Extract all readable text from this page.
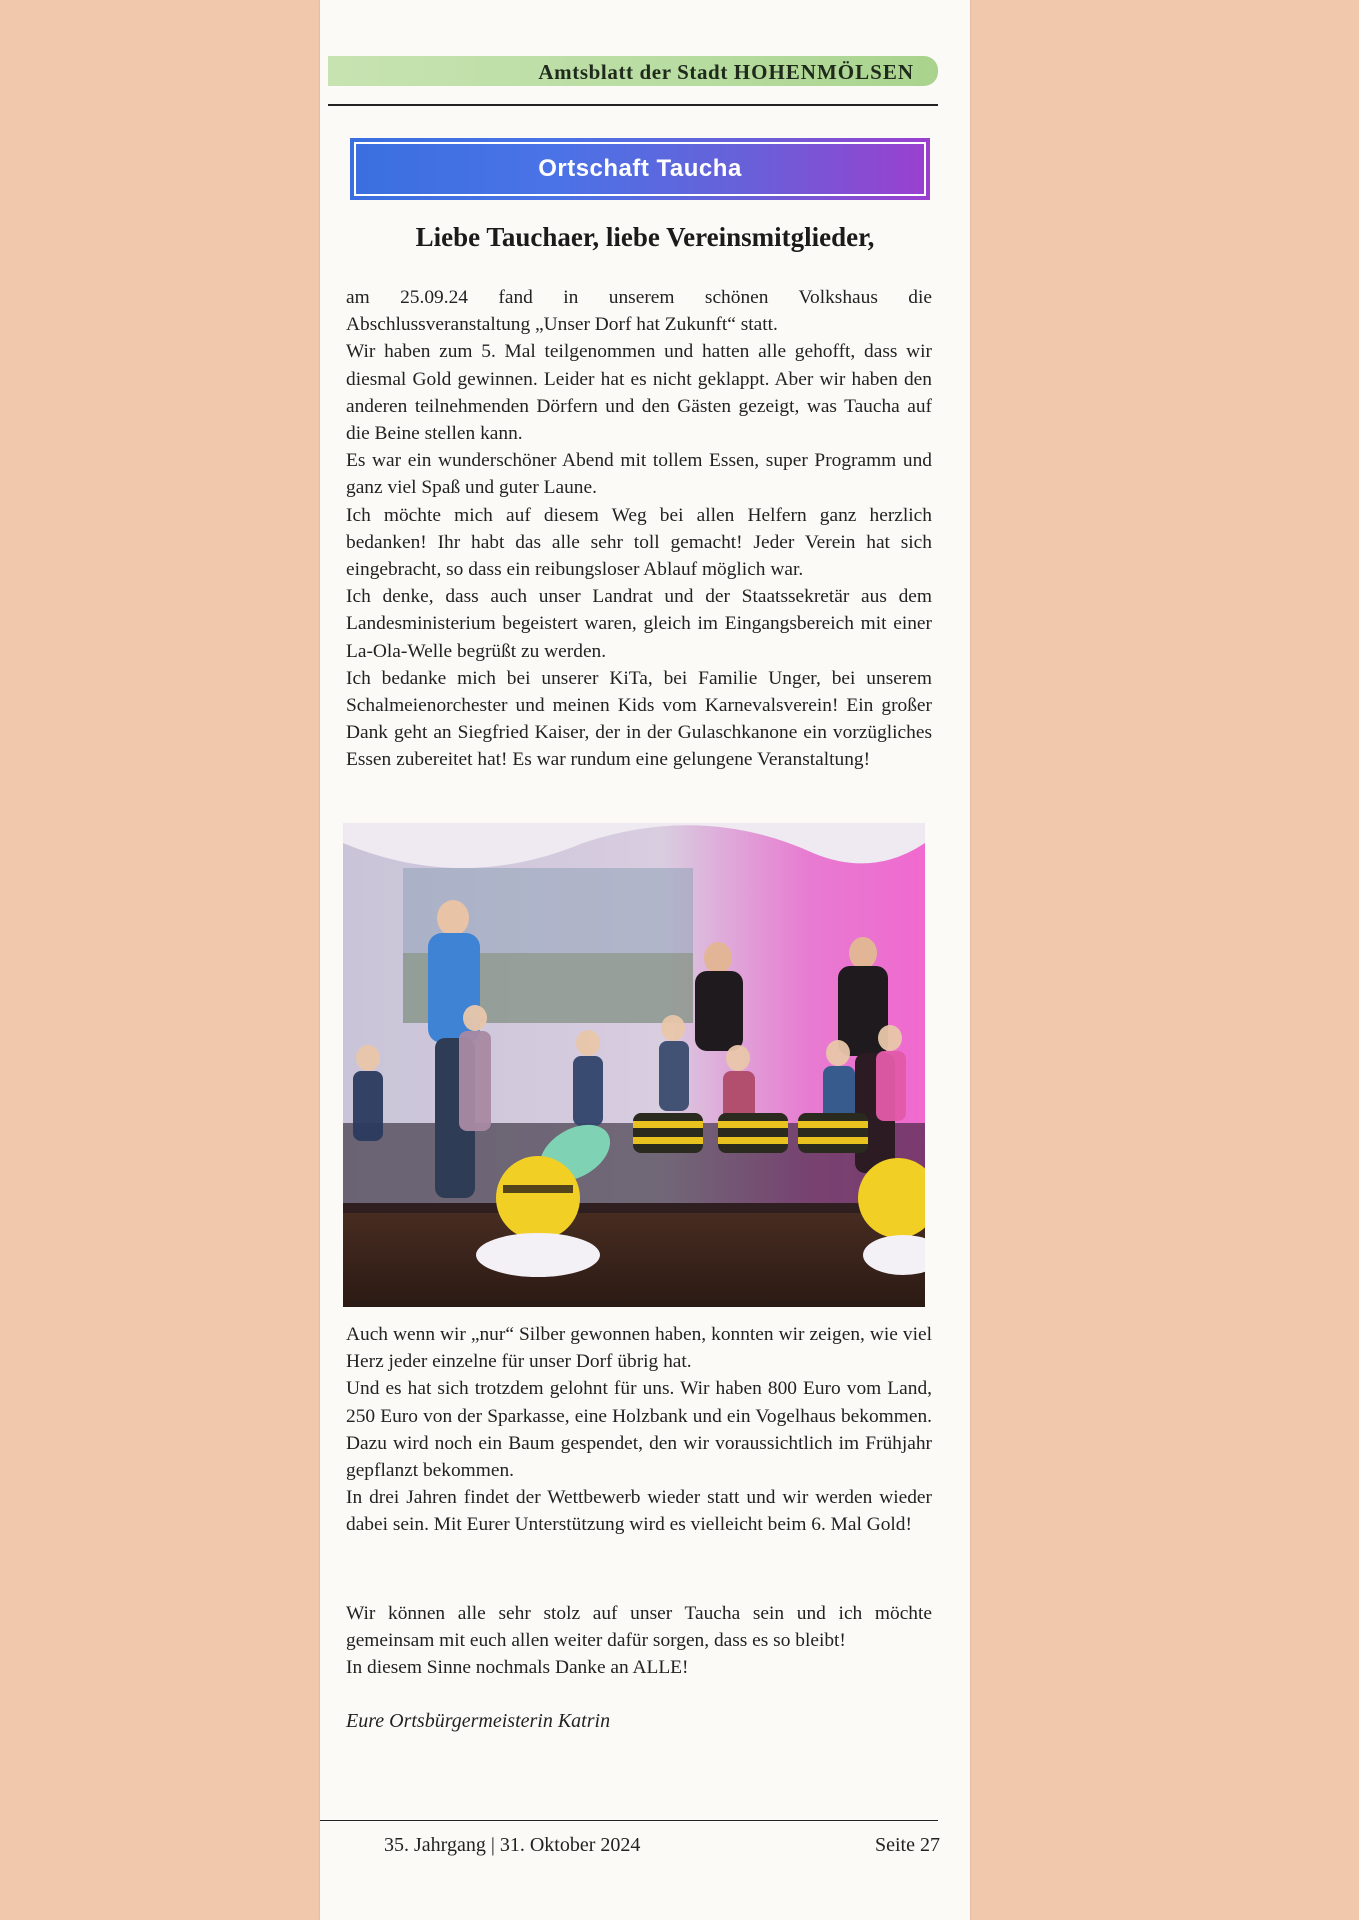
Amtsblatt der Stadt HOHENMÖLSEN
Ortschaft Taucha
Liebe Tauchaer, liebe Vereinsmitglieder,

am 25.09.24 fand in unserem schönen Volkshaus die Abschlussveranstaltung „Unser Dorf hat Zukunft“ statt.

Wir haben zum 5. Mal teilgenommen und hatten alle gehofft, dass wir diesmal Gold gewinnen. Leider hat es nicht geklappt. Aber wir haben den anderen teilnehmenden Dörfern und den Gästen gezeigt, was Taucha auf die Beine stellen kann.

Es war ein wunderschöner Abend mit tollem Essen, super Programm und ganz viel Spaß und guter Laune.

Ich möchte mich auf diesem Weg bei allen Helfern ganz herzlich bedanken! Ihr habt das alle sehr toll gemacht! Jeder Verein hat sich eingebracht, so dass ein reibungsloser Ablauf möglich war.

Ich denke, dass auch unser Landrat und der Staatssekretär aus dem Landesministerium begeistert waren, gleich im Eingangsbereich mit einer La-Ola-Welle begrüßt zu werden.

Ich bedanke mich bei unserer KiTa, bei Familie Unger, bei unserem Schalmeienorchester und meinen Kids vom Karnevalsverein! Ein großer Dank geht an Siegfried Kaiser, der in der Gulaschkanone ein vorzügliches Essen zubereitet hat! Es war rundum eine gelungene Veranstaltung!

Auch wenn wir „nur“ Silber gewonnen haben, konnten wir zeigen, wie viel Herz jeder einzelne für unser Dorf übrig hat.

Und es hat sich trotzdem gelohnt für uns. Wir haben 800 Euro vom Land, 250 Euro von der Sparkasse, eine Holzbank und ein Vogelhaus bekommen. Dazu wird noch ein Baum gespendet, den wir voraussichtlich im Frühjahr gepflanzt bekommen.

In drei Jahren findet der Wettbewerb wieder statt und wir werden wieder dabei sein. Mit Eurer Unterstützung wird es vielleicht beim 6. Mal Gold!

Wir können alle sehr stolz auf unser Taucha sein und ich möchte gemeinsam mit euch allen weiter dafür sorgen, dass es so bleibt!

In diesem Sinne nochmals Danke an ALLE!

Eure Ortsbürgermeisterin Katrin
35. Jahrgang | 31. Oktober 2024	Seite 27
